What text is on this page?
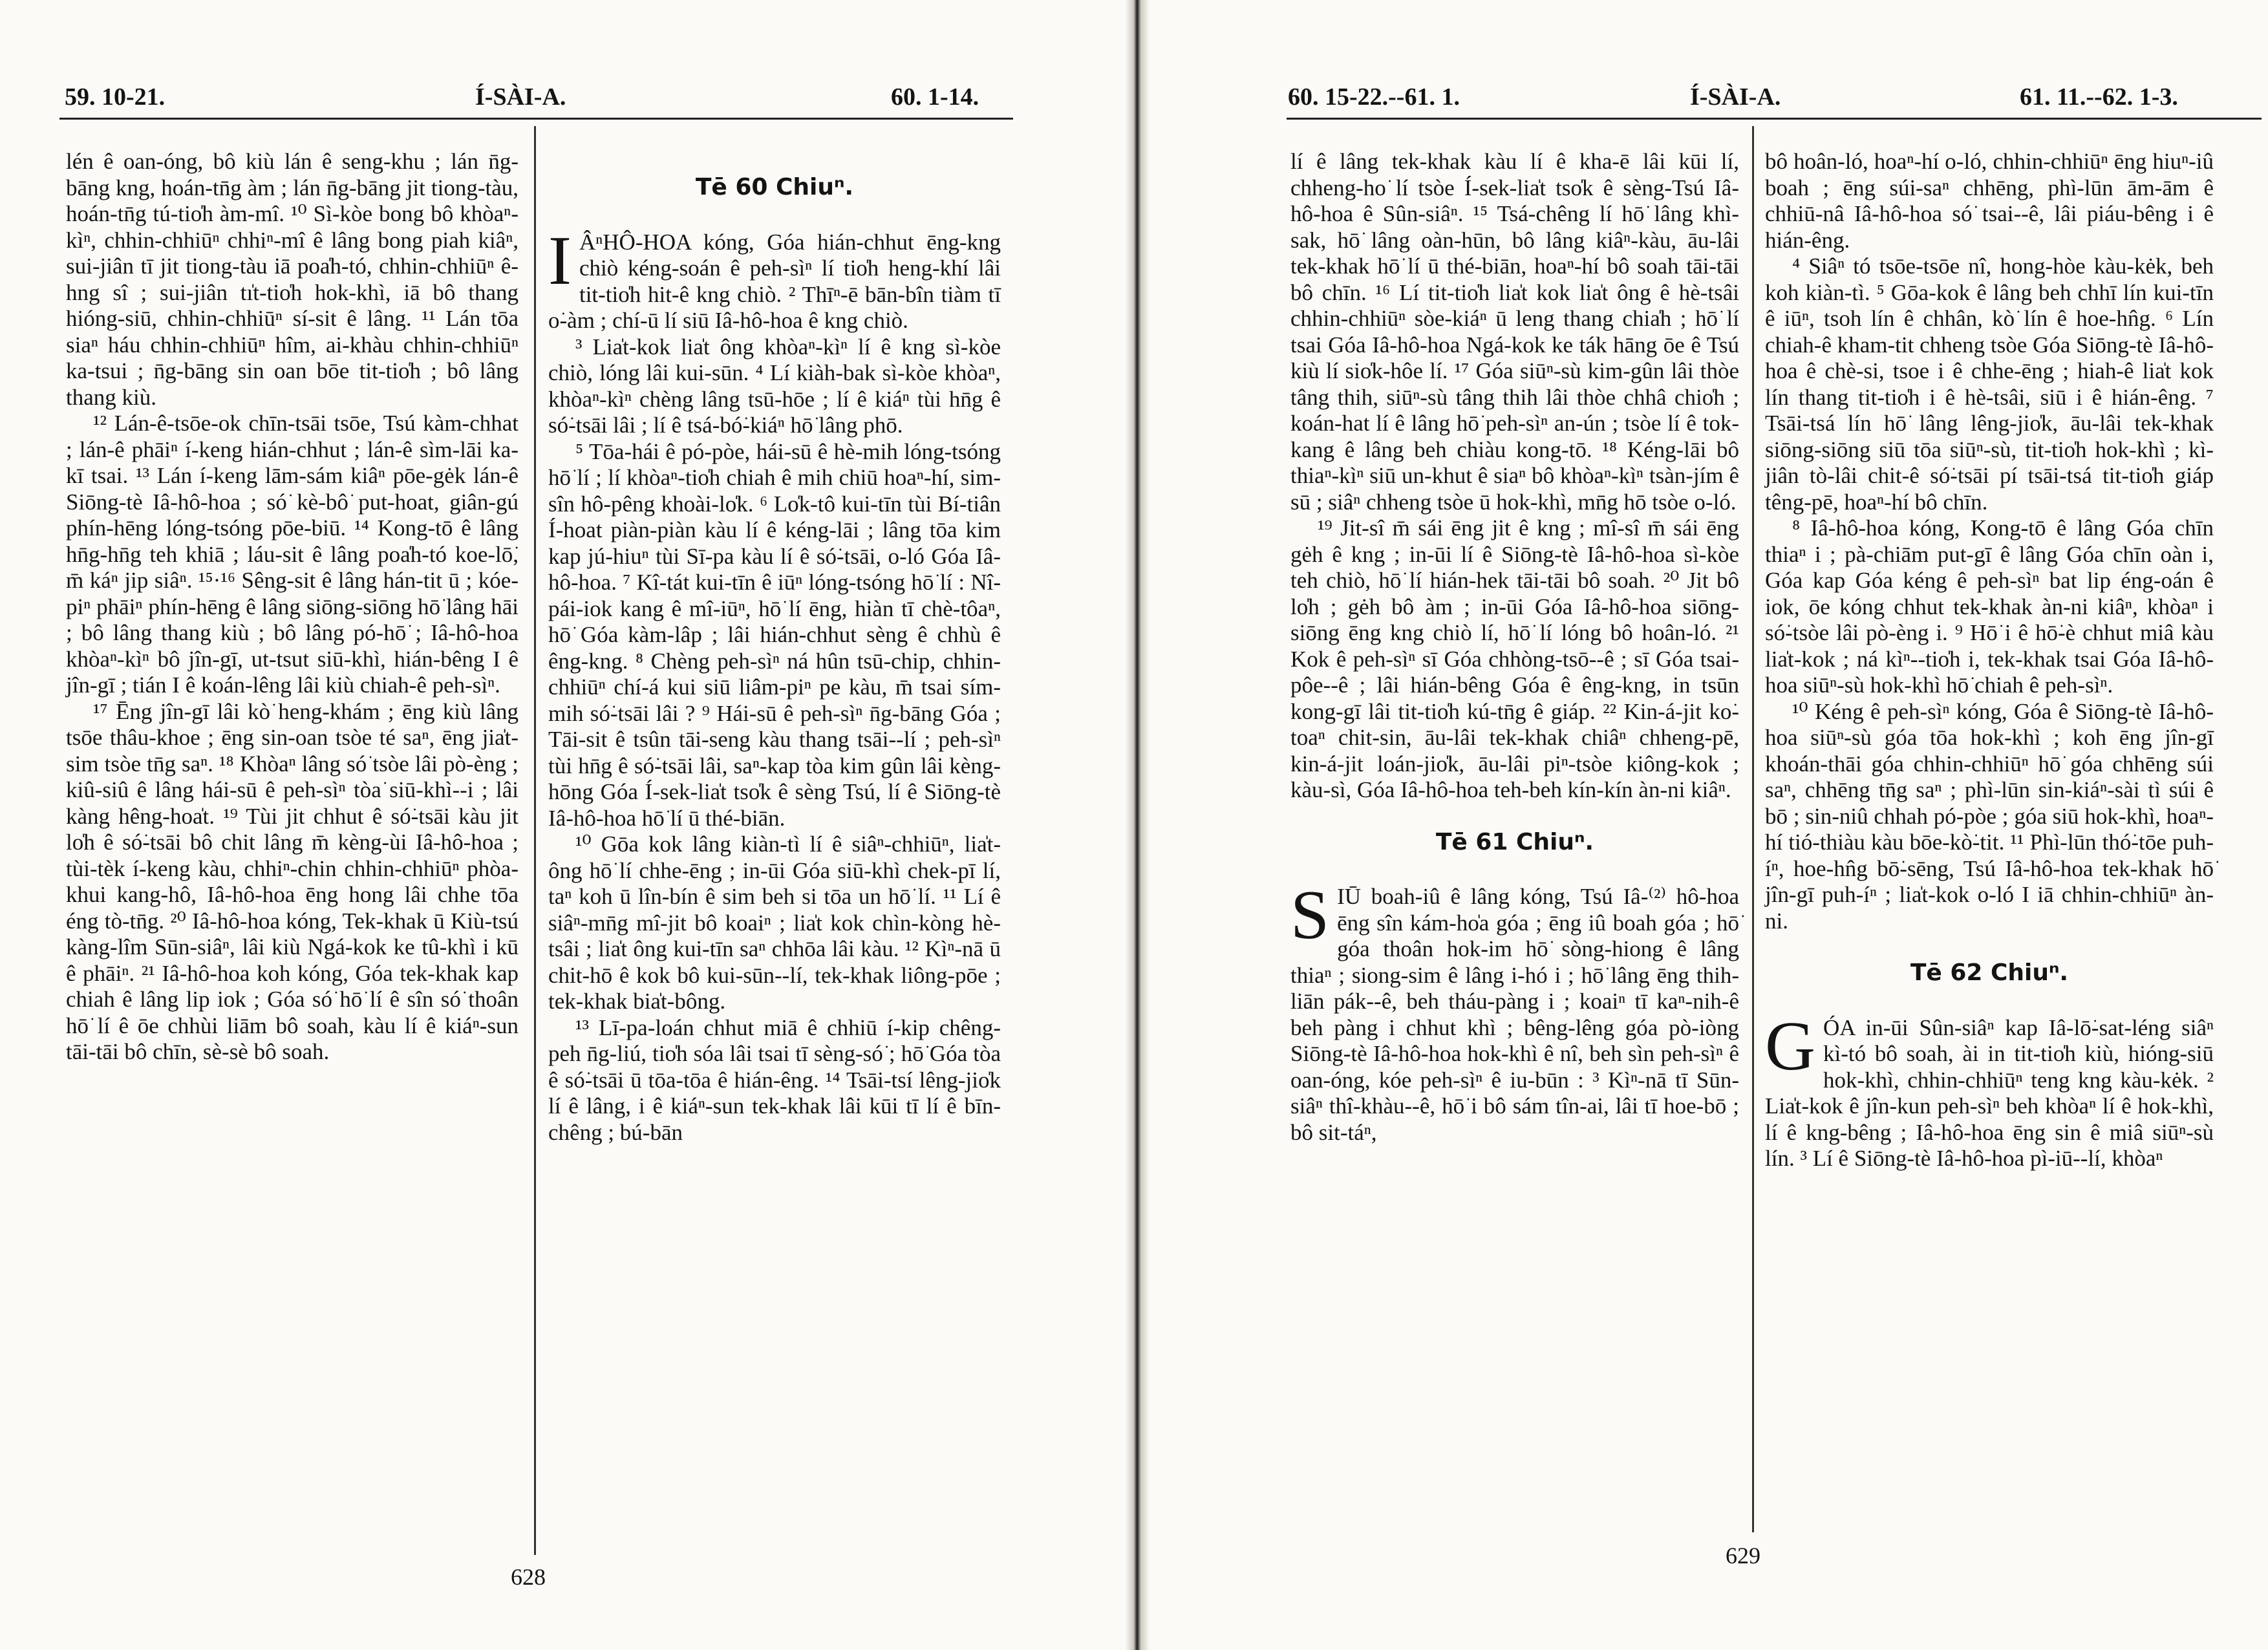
59. 10-21.	Í-SÀI-A.	60. 1-14.

lén ê oan-óng, bô kiù lán ê seng-khu ; lán n̄g-bāng kng, hoán-tn̄g àm ; lán n̄g-bāng jit tiong-tàu, hoán-tn̄g tú-tio̍h àm-mî. ¹⁰ Sì-kòe bong bô khòaⁿ-kìⁿ, chhin-chhiūⁿ chhiⁿ-mî ê lâng bong piah kiâⁿ, sui-jiân tī jit tiong-tàu iā poa̍h-tó, chhin-chhiūⁿ ê-hng sî ; sui-jiân tı̍t-tio̍h hok-khì, iā bô thang hióng-siū, chhin-chhiūⁿ sí-sit ê lâng. ¹¹ Lán tōa siaⁿ háu chhin-chhiūⁿ hîm, ai-khàu chhin-chhiūⁿ ka-tsui ; n̄g-bāng sin oan bōe tit-tio̍h ; bô lâng thang kiù.

¹² Lán-ê-tsōe-ok chīn-tsāi tsōe, Tsú kàm-chhat ; lán-ê phāiⁿ í-keng hián-chhut ; lán-ê sìm-lāi ka-kī tsai. ¹³ Lán í-keng lām-sám kiâⁿ pōe-gėk lán-ê Siōng-tè Iâ-hô-hoa ; só͘ kè-bô͘ put-hoat, giân-gú phín-hēng lóng-tsóng pōe-biū. ¹⁴ Kong-tō ê lâng hn̄g-hn̄g teh khiā ; láu-sit ê lâng poa̍h-tó koe-lō͘, m̄ káⁿ jip siâⁿ. ¹⁵·¹⁶ Sêng-sit ê lâng hán-tit ū ; kóe-piⁿ phāiⁿ phín-hēng ê lâng siōng-siōng hō͘ lâng hāi ; bô lâng thang kiù ; bô lâng pó-hō͘ ; Iâ-hô-hoa khòaⁿ-kìⁿ bô jîn-gī, ut-tsut siū-khì, hián-bêng I ê jîn-gī ; tián I ê koán-lêng lâi kiù chiah-ê peh-sìⁿ.

¹⁷ Ēng jîn-gī lâi kò͘ heng-khám ; ēng kiù lâng tsōe thâu-khoe ; ēng sin-oan tsòe té saⁿ, ēng jia̍t-sim tsòe tn̄g saⁿ. ¹⁸ Khòaⁿ lâng só͘ tsòe lâi pò-èng ; kiû-siû ê lâng hái-sū ê peh-sìⁿ tòa͘ siū-khì--i ; lâi kàng hêng-hoa̍t. ¹⁹ Tùi jit chhut ê só͘-tsāi kàu jit lo̍h ê só͘-tsāi bô chit lâng m̄ kèng-ùi Iâ-hô-hoa ; tùi-tèk í-keng kàu, chhiⁿ-chin chhin-chhiūⁿ phòa-khui kang-hô, Iâ-hô-hoa ēng hong lâi chhe tōa éng tò-tn̄g. ²⁰ Iâ-hô-hoa kóng, Tek-khak ū Kiù-tsú kàng-lîm Sūn-siâⁿ, lâi kiù Ngá-kok ke tû-khì i kū ê phāiⁿ. ²¹ Iâ-hô-hoa koh kóng, Góa tek-khak kap chiah ê lâng lip iok ; Góa só͘ hō͘ lí ê sîn só͘ thoân hō͘ lí ê ōe chhùi liām bô soah, kàu lí ê kiáⁿ-sun tāi-tāi bô chīn, sè-sè bô soah.

Tē 60 Chiuⁿ.
I ÂⁿHÔ-HOA kóng, Góa hián-chhut ēng-kng chiò kéng-soán ê peh-sìⁿ lí tio̍h heng-khí lâi tit-tio̍h hit-ê kng chiò. ² Thīⁿ-ē bān-bîn tiàm tī o͘-àm ; chí-ū lí siū Iâ-hô-hoa ê kng chiò.

³ Lia̍t-kok lia̍t ông khòaⁿ-kìⁿ lí ê kng sì-kòe chiò, lóng lâi kui-sūn. ⁴ Lí kiàh-bak sì-kòe khòaⁿ, khòaⁿ-kìⁿ chèng lâng tsū-hōe ; lí ê kiáⁿ tùi hn̄g ê só͘-tsāi lâi ; lí ê tsá-bó͘-kiáⁿ hō͘ lâng phō.

⁵ Tōa-hái ê pó-pòe, hái-sū ê hè-mih lóng-tsóng hō͘ lí ; lí khòaⁿ-tio̍h chiah ê mih chiū hoaⁿ-hí, sim-sîn hô-pêng khoài-lo̍k. ⁶ Lo̍k-tô kui-tīn tùi Bí-tiân Í-hoat piàn-piàn kàu lí ê kéng-lāi ; lâng tōa kim kap jú-hiuⁿ tùi Sī-pa kàu lí ê só͘-tsāi, o-ló Góa Iâ-hô-hoa. ⁷ Kî-tát kui-tīn ê iūⁿ lóng-tsóng hō͘ lí : Nî-pái-iok kang ê mî-iūⁿ, hō͘ lí ēng, hiàn tī chè-tôaⁿ, hō͘ Góa kàm-lâp ; lâi hián-chhut sèng ê chhù ê êng-kng. ⁸ Chèng peh-sìⁿ ná hûn tsū-chip, chhin-chhiūⁿ chí-á kui siū liâm-piⁿ pe kàu, m̄ tsai sím-mih só͘-tsāi lâi ? ⁹ Hái-sū ê peh-sìⁿ n̄g-bāng Góa ; Tāi-sit ê tsûn tāi-seng kàu thang tsāi--lí ; peh-sìⁿ tùi hn̄g ê só͘-tsāi lâi, saⁿ-kap tòa kim gûn lâi kèng-hōng Góa Í-sek-lia̍t tso̍k ê sèng Tsú, lí ê Siōng-tè Iâ-hô-hoa hō͘ lí ū thé-biān.

¹⁰ Gōa kok lâng kiàn-tì lí ê siâⁿ-chhiūⁿ, lia̍t-ông hō͘ lí chhe-ēng ; in-ūi Góa siū-khì chek-pī lí, taⁿ koh ū lîn-bín ê sim beh si tōa un hō͘ lí. ¹¹ Lí ê siâⁿ-mn̄g mî-jit bô koaiⁿ ; lia̍t kok chìn-kòng hè-tsâi ; lia̍t ông kui-tīn saⁿ chhōa lâi kàu. ¹² Kìⁿ-nā ū chit-hō ê kok bô kui-sūn--lí, tek-khak liông-pōe ; tek-khak bia̍t-bông.

¹³ Lī-pa-loán chhut miā ê chhiū í-kip chêng-peh n̄g-liú, tio̍h sóa lâi tsai tī sèng-só͘ ; hō͘ Góa tòa ê só͘-tsāi ū tōa-tōa ê hián-êng. ¹⁴ Tsāi-tsí lêng-jio̍k lí ê lâng, i ê kiáⁿ-sun tek-khak lâi kūi tī lí ê bīn-chêng ; bú-bān

628
60. 15-22.--61. 1.	Í-SÀI-A.	61. 11.--62. 1-3.

lí ê lâng tek-khak kàu lí ê kha-ē lâi kūi lí, chheng-ho͘ lí tsòe Í-sek-lia̍t tso̍k ê sèng-Tsú Iâ-hô-hoa ê Sûn-siâⁿ. ¹⁵ Tsá-chêng lí hō͘ lâng khì-sak, hō͘ lâng oàn-hūn, bô lâng kiâⁿ-kàu, āu-lâi tek-khak hō͘ lí ū thé-biān, hoaⁿ-hí bô soah tāi-tāi bô chīn. ¹⁶ Lí tit-tio̍h lia̍t kok lia̍t ông ê hè-tsâi chhin-chhiūⁿ sòe-kiáⁿ ū leng thang chia̍h ; hō͘ lí tsai Góa Iâ-hô-hoa Ngá-kok ke ták hāng ōe ê Tsú kiù lí sio̍k-hôe lí. ¹⁷ Góa siūⁿ-sù kim-gûn lâi thòe tâng thih, siūⁿ-sù tâng thih lâi thòe chhâ chio̍h ; koán-hat lí ê lâng hō͘ peh-sìⁿ an-ún ; tsòe lí ê tok-kang ê lâng beh chiàu kong-tō. ¹⁸ Kéng-lāi bô thiaⁿ-kìⁿ siū un-khut ê siaⁿ bô khòaⁿ-kìⁿ tsàn-jím ê sū ; siâⁿ chheng tsòe ū hok-khì, mn̄g hō tsòe o-ló.

¹⁹ Jit-sî m̄ sái ēng jit ê kng ; mî-sî m̄ sái ēng gėh ê kng ; in-ūi lí ê Siōng-tè Iâ-hô-hoa sì-kòe teh chiò, hō͘ lí hián-hek tāi-tāi bô soah. ²⁰ Jit bô lo̍h ; gėh bô àm ; in-ūi Góa Iâ-hô-hoa siōng-siōng ēng kng chiò lí, hō͘ lí lóng bô hoân-ló. ²¹ Kok ê peh-sìⁿ sī Góa chhòng-tsō--ê ; sī Góa tsai-pôe--ê ; lâi hián-bêng Góa ê êng-kng, in tsūn kong-gī lâi tit-tio̍h kú-tn̄g ê giáp. ²² Kin-á-jit ko͘-toaⁿ chit-sin, āu-lâi tek-khak chiâⁿ chheng-pē, kin-á-jit loán-jio̍k, āu-lâi piⁿ-tsòe kiông-kok ; kàu-sì, Góa Iâ-hô-hoa teh-beh kín-kín àn-ni kiâⁿ.

Tē 61 Chiuⁿ.
S IŪ boah-iû ê lâng kóng, Tsú Iâ-⁽²⁾ hô-hoa ēng sîn kám-ho̍a góa ; ēng iû boah góa ; hō͘ góa thoân hok-im hō͘ sòng-hiong ê lâng thiaⁿ ; siong-sim ê lâng i-hó i ; hō͘ lâng ēng thih-liān pák--ê, beh tháu-pàng i ; koaiⁿ tī kaⁿ-nih-ê beh pàng i chhut khì ; bêng-lêng góa pò-iòng Siōng-tè Iâ-hô-hoa hok-khì ê nî, beh sìn peh-sìⁿ ê oan-óng, kóe peh-sìⁿ ê iu-būn : ³ Kìⁿ-nā tī Sūn-siâⁿ thî-khàu--ê, hō͘ i bô sám tîn-ai, lâi tī hoe-bō ; bô sit-táⁿ,

bô hoân-ló, hoaⁿ-hí o-ló, chhin-chhiūⁿ ēng hiuⁿ-iû boah ; ēng súi-saⁿ chhēng, phì-lūn ām-ām ê chhiū-nâ Iâ-hô-hoa só͘ tsai--ê, lâi piáu-bêng i ê hián-êng.

⁴ Siâⁿ tó tsōe-tsōe nî, hong-hòe kàu-kėk, beh koh kiàn-tì. ⁵ Gōa-kok ê lâng beh chhī lín kui-tīn ê iūⁿ, tsoh lín ê chhân, kò͘ lín ê hoe-hn̂g. ⁶ Lín chiah-ê kham-tit chheng tsòe Góa Siōng-tè Iâ-hô-hoa ê chè-si, tsoe i ê chhe-ēng ; hiah-ê lia̍t kok lín thang tit-tio̍h i ê hè-tsâi, siū i ê hián-êng. ⁷ Tsāi-tsá lín hō͘ lâng lêng-jio̍k, āu-lâi tek-khak siōng-siōng siū tōa siūⁿ-sù, tit-tio̍h hok-khì ; kì-jiân tò-lâi chit-ê só͘-tsāi pí tsāi-tsá tit-tio̍h giáp têng-pē, hoaⁿ-hí bô chīn.

⁸ Iâ-hô-hoa kóng, Kong-tō ê lâng Góa chīn thiaⁿ i ; pà-chiām put-gī ê lâng Góa chīn oàn i, Góa kap Góa kéng ê peh-sìⁿ bat lip éng-oán ê iok, ōe kóng chhut tek-khak àn-ni kiâⁿ, khòaⁿ i só͘-tsòe lâi pò-èng i. ⁹ Hō͘ i ê hō͘-è chhut miâ kàu lia̍t-kok ; ná kìⁿ--tio̍h i, tek-khak tsai Góa Iâ-hô-hoa siūⁿ-sù hok-khì hō͘ chiah ê peh-sìⁿ.

¹⁰ Kéng ê peh-sìⁿ kóng, Góa ê Siōng-tè Iâ-hô-hoa siūⁿ-sù góa tōa hok-khì ; koh ēng jîn-gī khoán-thāi góa chhin-chhiūⁿ hō͘ góa chhēng súi saⁿ, chhēng tn̄g saⁿ ; phì-lūn sin-kiáⁿ-sài tì súi ê bō ; sin-niû chhah pó-pòe ; góa siū hok-khì, hoaⁿ-hí tió-thiàu kàu bōe-kò͘-tit. ¹¹ Phì-lūn thó͘-tōe puh-íⁿ, hoe-hn̂g bō͘-sēng, Tsú Iâ-hô-hoa tek-khak hō͘ jîn-gī puh-íⁿ ; lia̍t-kok o-ló I iā chhin-chhiūⁿ àn-ni.

Tē 62 Chiuⁿ.
G ÓA in-ūi Sûn-siâⁿ kap Iâ-lō͘-sat-léng siâⁿ kì-tó bô soah, ài in tit-tio̍h kiù, hióng-siū hok-khì, chhin-chhiūⁿ teng kng kàu-kėk. ² Lia̍t-kok ê jîn-kun peh-sìⁿ beh khòaⁿ lí ê hok-khì, lí ê kng-bêng ; Iâ-hô-hoa ēng sin ê miâ siūⁿ-sù lín. ³ Lí ê Siōng-tè Iâ-hô-hoa pì-iū--lí, khòaⁿ

629
